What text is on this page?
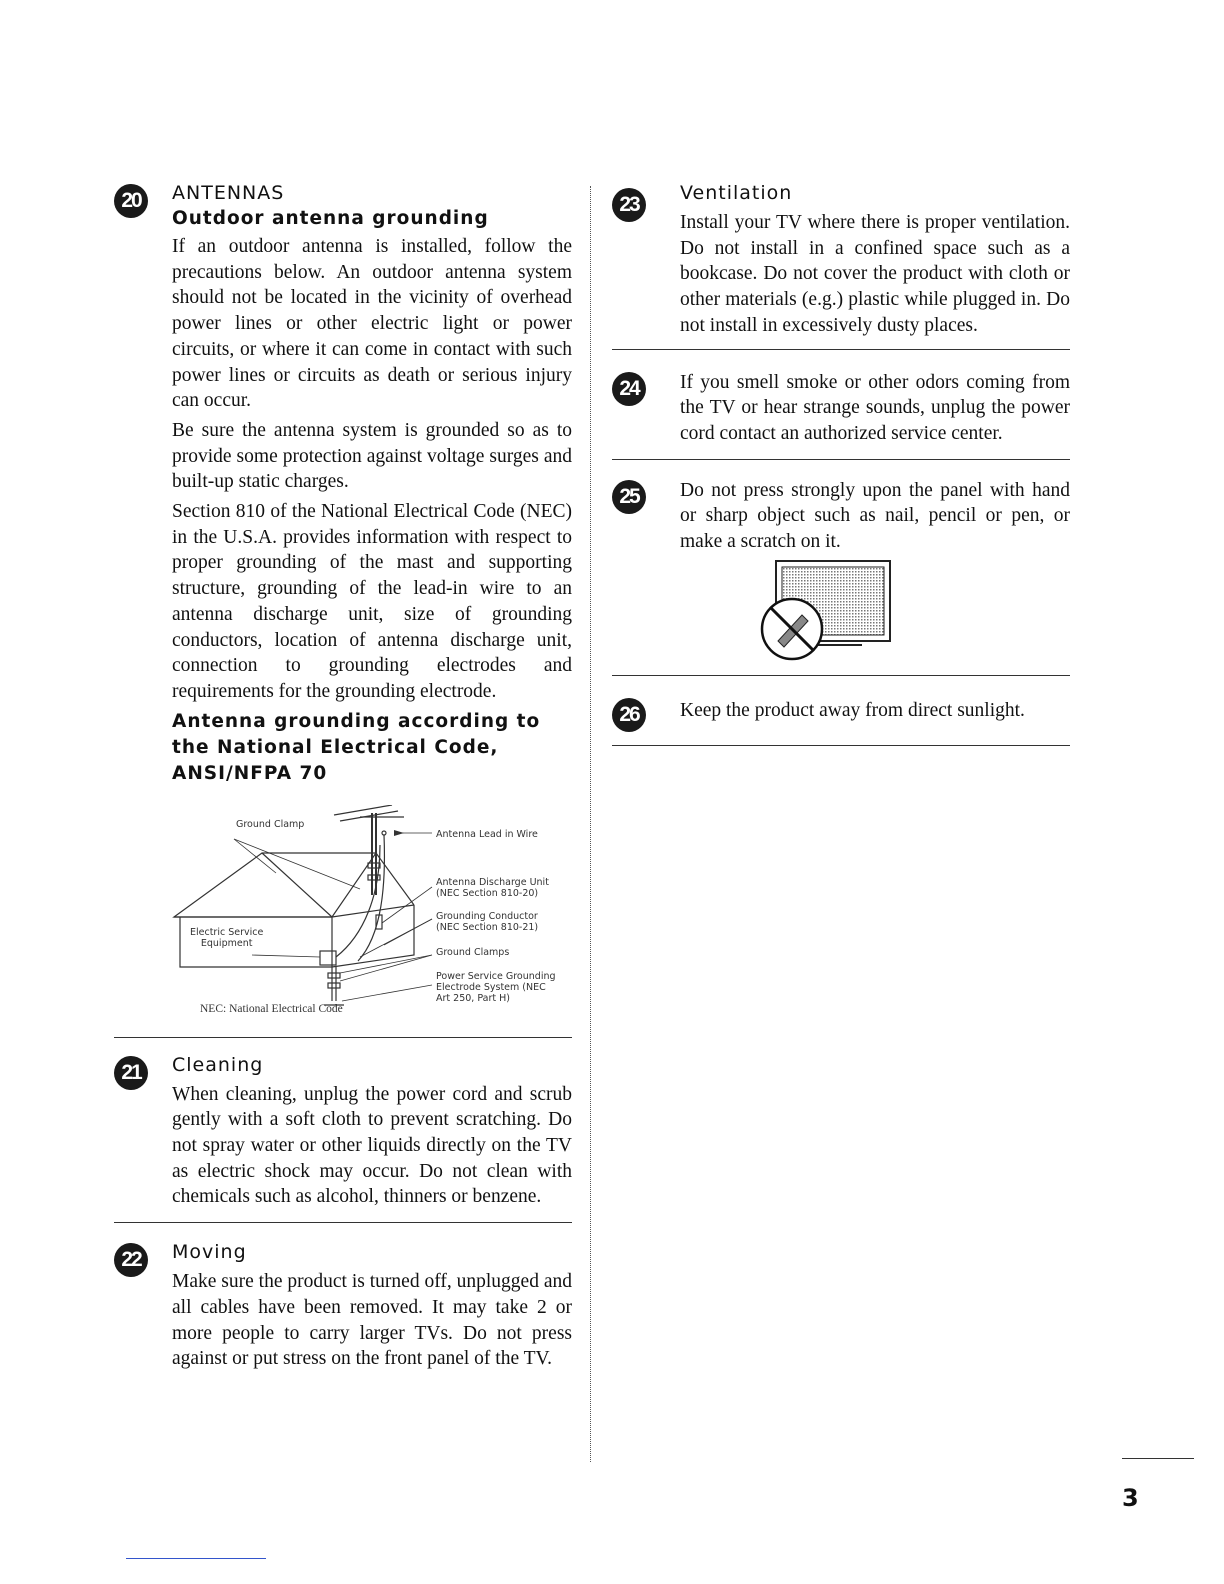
20	ANTENNAS
Outdoor antenna grounding

If an outdoor antenna is installed, follow the precautions below. An outdoor antenna system should not be located in the vicinity of overhead power lines or other electric light or power circuits, or where it can come in contact with such power lines or circuits as death or serious injury can occur.

Be sure the antenna system is grounded so as to provide some protection against voltage surges and built-up static charges.

Section 810 of the National Electrical Code (NEC) in the U.S.A. provides information with respect to proper grounding of the mast and supporting structure, grounding of the lead-in wire to an antenna discharge unit, size of grounding conductors, location of antenna discharge unit, connection to grounding electrodes and requirements for the grounding electrode.

Antenna grounding according to the National Electrical Code, ANSI/NFPA 70
Ground Clamp
Antenna Lead in Wire
Antenna Discharge Unit
(NEC Section 810-20)
Grounding Conductor
(NEC Section 810-21)
Ground Clamps
Power Service Grounding
Electrode System (NEC
Art 250, Part H)
Electric Service
Equipment
NEC: National Electrical Code
21	Cleaning

When cleaning, unplug the power cord and scrub gently with a soft cloth to prevent scratching. Do not spray water or other liquids directly on the TV as electric shock may occur. Do not clean with chemicals such as alcohol, thinners or benzene.

22	Moving

Make sure the product is turned off, unplugged and all cables have been removed. It may take 2 or more people to carry larger TVs. Do not press against or put stress on the front panel of the TV.

23	Ventilation

Install your TV where there is proper ventilation. Do not install in a confined space such as a bookcase. Do not cover the product with cloth or other materials (e.g.) plastic while plugged in. Do not install in excessively dusty places.

24	If you smell smoke or other odors coming from the TV or hear strange sounds, unplug the power cord contact an authorized service center.

25	Do not press strongly upon the panel with hand or sharp object such as nail, pencil or pen, or make a scratch on it.

26	Keep the product away from direct sunlight.

3
